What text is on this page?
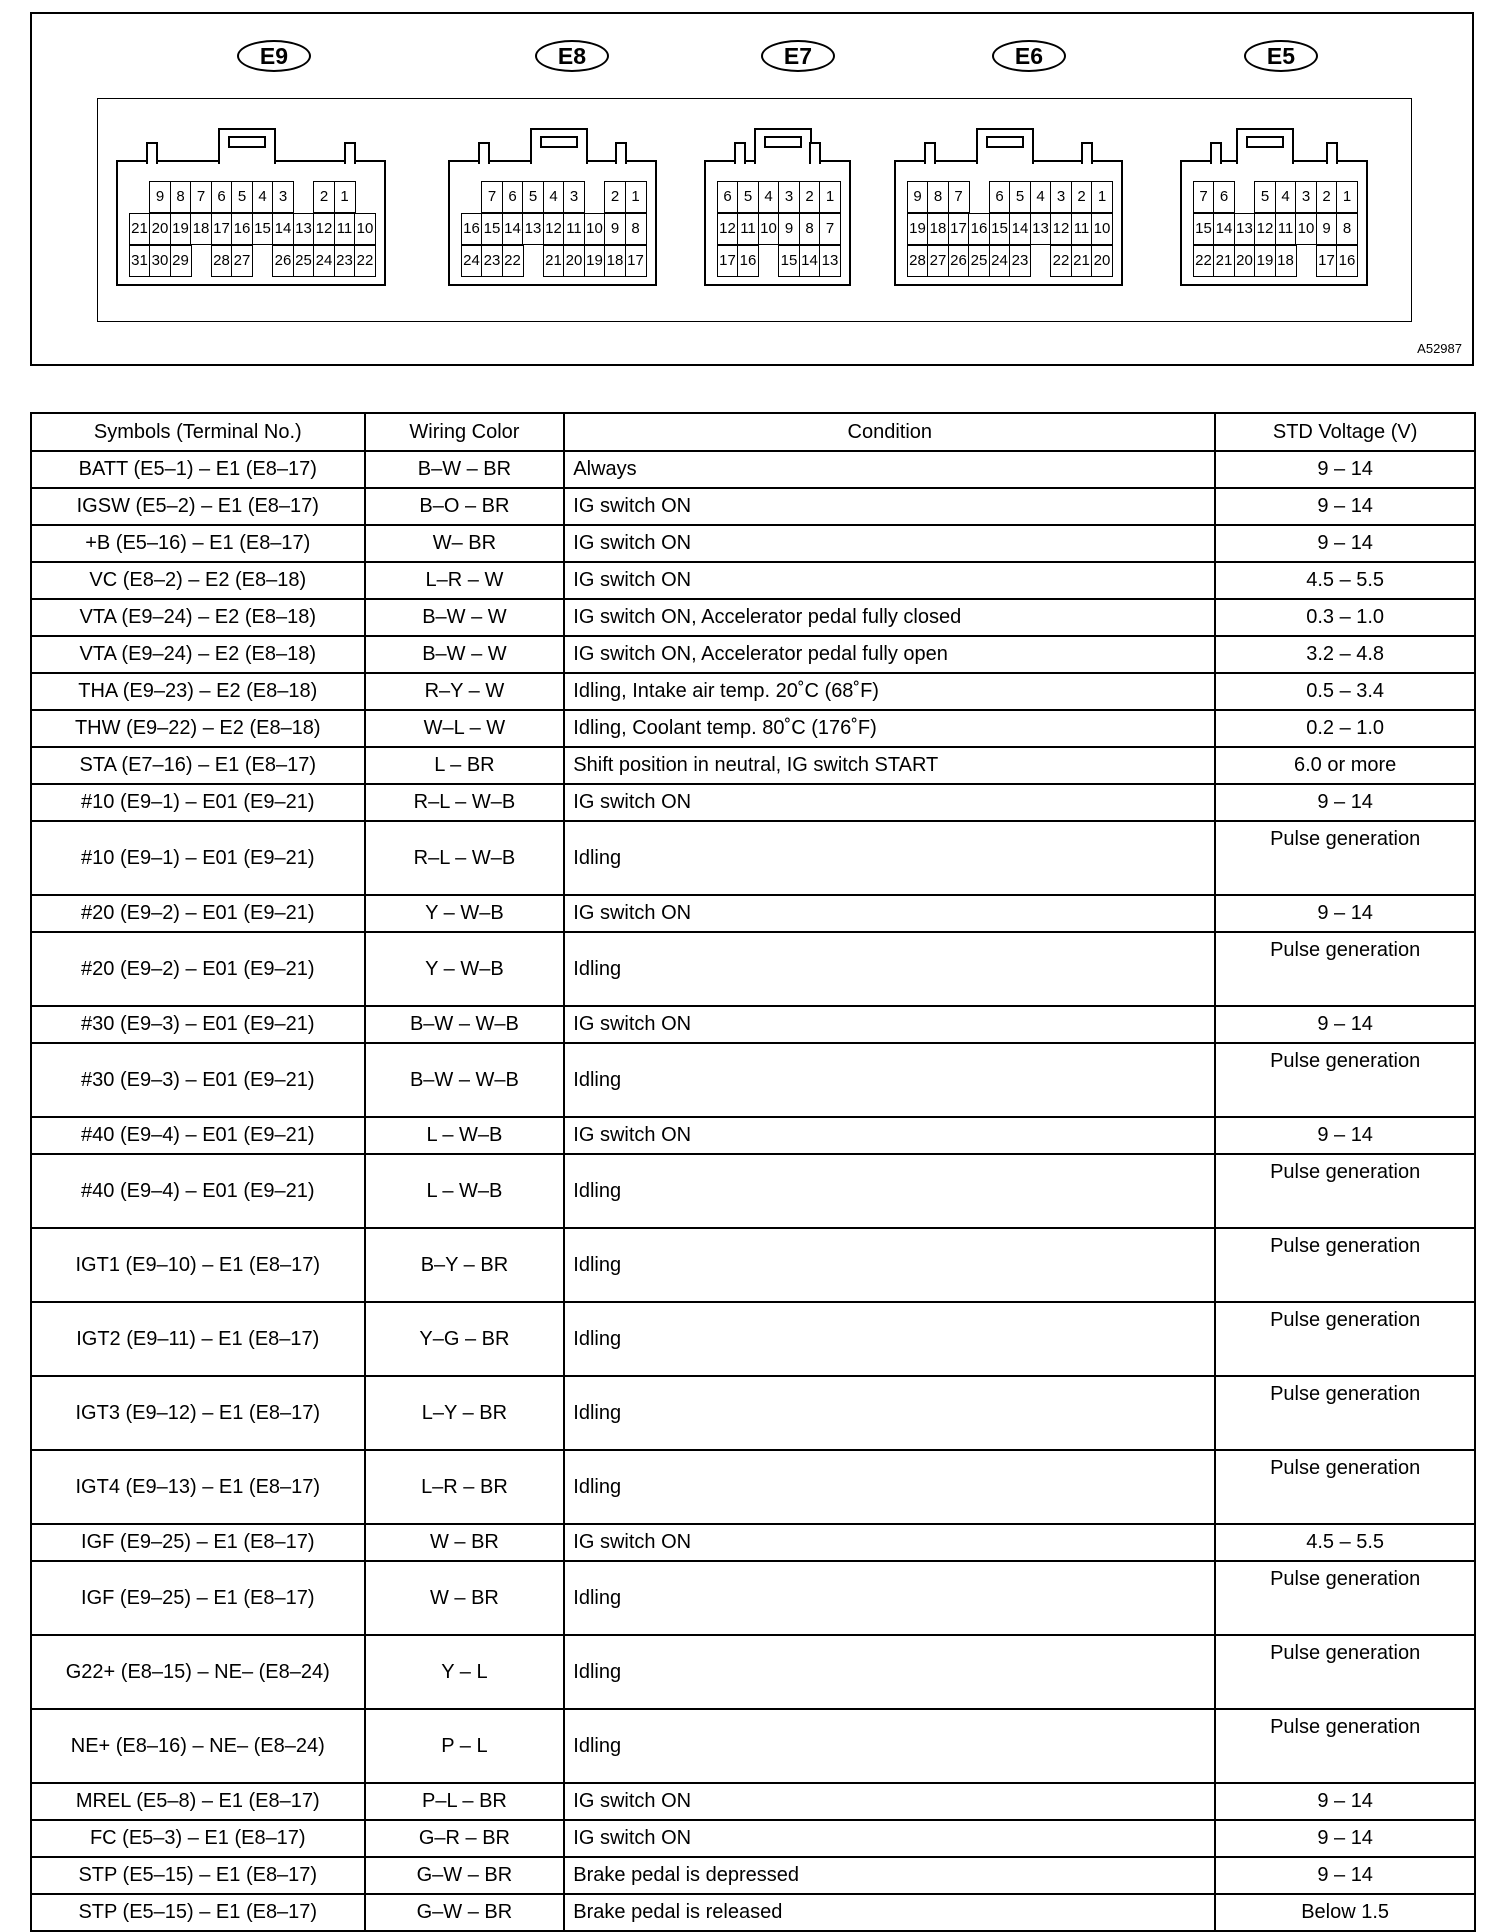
E9	E8	E7	E6	E5
9 8 7 6 5 4 3	2 1
21 20 19 18 17 16 15 14 13 12 11 10
31 30 29 28 27 26 25 24 23 22
7 6 5 4 3	2 1
16 15 14 13 12 11 10 9 8
24 23 22 21 20 19 18 17
6 5 4 3 2 1
12 11 10 9 8 7
17 16 15 14 13
9 8 7	6 5 4 3 2 1
19 18 17 16 15 14 13 12 11 10
28 27 26 25 24 23 22 21 20
7 6	5 4 3 2 1
15 14 13 12 11 10 9 8
22 21 20 19 18 17 16
A52987
Symbols (Terminal No.)	Wiring Color	Condition	STD Voltage (V)
BATT (E5–1) – E1 (E8–17)	B–W – BR	Always	9 – 14
IGSW (E5–2) – E1 (E8–17)	B–O – BR	IG switch ON	9 – 14
+B (E5–16) – E1 (E8–17)	W– BR	IG switch ON	9 – 14
VC (E8–2) – E2 (E8–18)	L–R – W	IG switch ON	4.5 – 5.5
VTA (E9–24) – E2 (E8–18)	B–W – W	IG switch ON, Accelerator pedal fully closed	0.3 – 1.0
VTA (E9–24) – E2 (E8–18)	B–W – W	IG switch ON, Accelerator pedal fully open	3.2 – 4.8
THA (E9–23) – E2 (E8–18)	R–Y – W	Idling, Intake air temp. 20˚C (68˚F)	0.5 – 3.4
THW (E9–22) – E2 (E8–18)	W–L – W	Idling, Coolant temp. 80˚C (176˚F)	0.2 – 1.0
STA (E7–16) – E1 (E8–17)	L – BR	Shift position in neutral, IG switch START	6.0 or more
#10 (E9–1) – E01 (E9–21)	R–L – W–B	IG switch ON	9 – 14
#10 (E9–1) – E01 (E9–21)	R–L – W–B	Idling	Pulse generation
#20 (E9–2) – E01 (E9–21)	Y – W–B	IG switch ON	9 – 14
#20 (E9–2) – E01 (E9–21)	Y – W–B	Idling	Pulse generation
#30 (E9–3) – E01 (E9–21)	B–W – W–B	IG switch ON	9 – 14
#30 (E9–3) – E01 (E9–21)	B–W – W–B	Idling	Pulse generation
#40 (E9–4) – E01 (E9–21)	L – W–B	IG switch ON	9 – 14
#40 (E9–4) – E01 (E9–21)	L – W–B	Idling	Pulse generation
IGT1 (E9–10) – E1 (E8–17)	B–Y – BR	Idling	Pulse generation
IGT2 (E9–11) – E1 (E8–17)	Y–G – BR	Idling	Pulse generation
IGT3 (E9–12) – E1 (E8–17)	L–Y – BR	Idling	Pulse generation
IGT4 (E9–13) – E1 (E8–17)	L–R – BR	Idling	Pulse generation
IGF (E9–25) – E1 (E8–17)	W – BR	IG switch ON	4.5 – 5.5
IGF (E9–25) – E1 (E8–17)	W – BR	Idling	Pulse generation
G22+ (E8–15) – NE– (E8–24)	Y – L	Idling	Pulse generation
NE+ (E8–16) – NE– (E8–24)	P – L	Idling	Pulse generation
MREL (E5–8) – E1 (E8–17)	P–L – BR	IG switch ON	9 – 14
FC (E5–3) – E1 (E8–17)	G–R – BR	IG switch ON	9 – 14
STP (E5–15) – E1 (E8–17)	G–W – BR	Brake pedal is depressed	9 – 14
STP (E5–15) – E1 (E8–17)	G–W – BR	Brake pedal is released	Below 1.5
